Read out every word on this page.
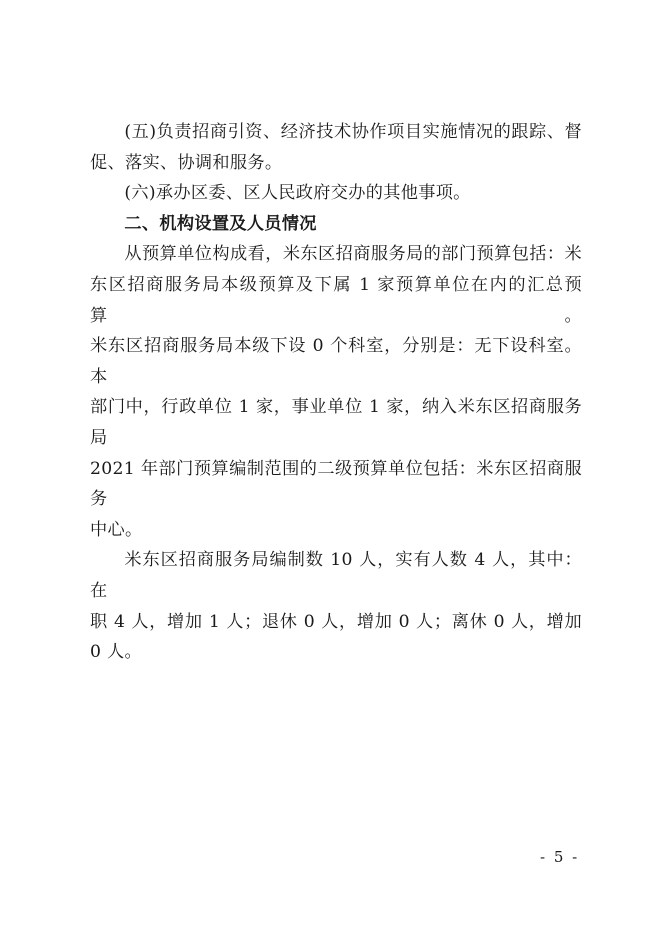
(五)负责招商引资、经济技术协作项目实施情况的跟踪、督
促、落实、协调和服务。

(六)承办区委、区人民政府交办的其他事项。

二、机构设置及人员情况

从预算单位构成看，米东区招商服务局的部门预算包括：米
东区招商服务局本级预算及下属 1 家预算单位在内的汇总预算。
米东区招商服务局本级下设 0 个科室，分别是：无下设科室。本
部门中，行政单位 1 家，事业单位 1 家，纳入米东区招商服务局
2021 年部门预算编制范围的二级预算单位包括：米东区招商服务
中心。

米东区招商服务局编制数 10 人，实有人数 4 人，其中：在
职 4 人，增加 1 人；退休 0 人，增加 0 人；离休 0 人，增加 0 人。

- 5 -
